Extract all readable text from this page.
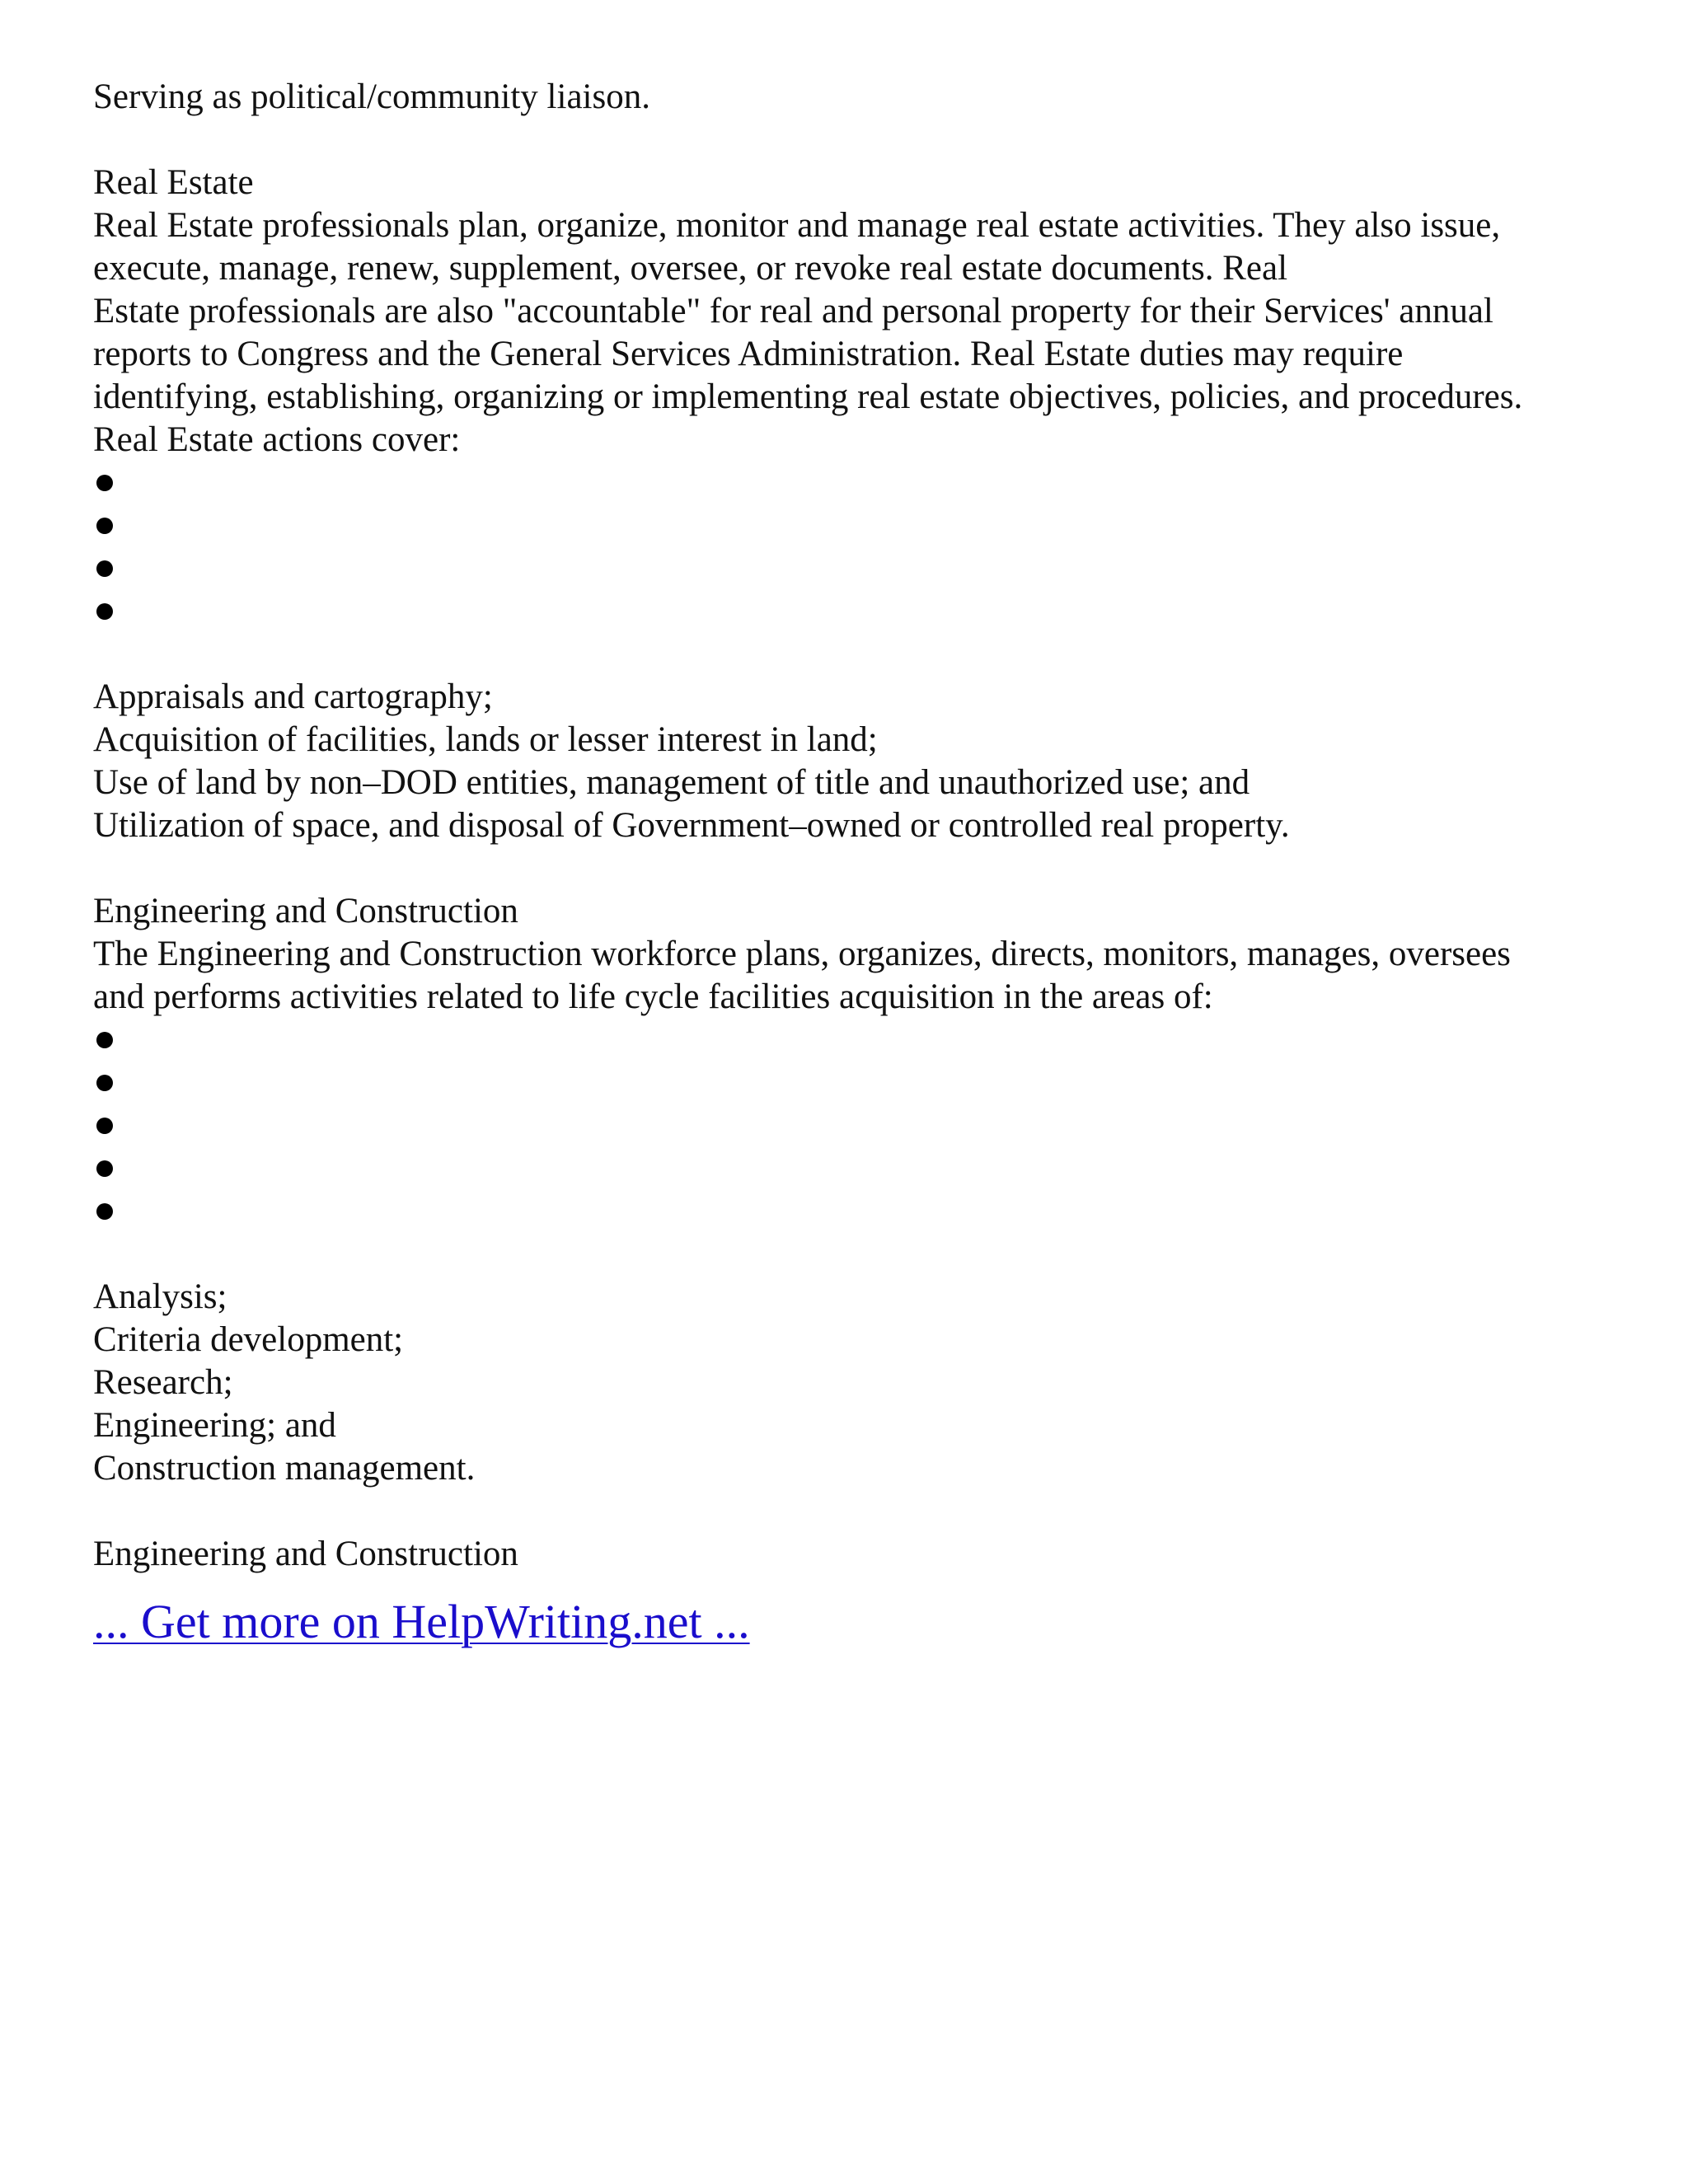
Serving as political/community liaison.
Real Estate
Real Estate professionals plan, organize, monitor and manage real estate activities. They also issue,
execute, manage, renew, supplement, oversee, or revoke real estate documents. Real
Estate professionals are also "accountable" for real and personal property for their Services' annual
reports to Congress and the General Services Administration. Real Estate duties may require
identifying, establishing, organizing or implementing real estate objectives, policies, and procedures.
Real Estate actions cover:
Appraisals and cartography;
Acquisition of facilities, lands or lesser interest in land;
Use of land by non–DOD entities, management of title and unauthorized use; and
Utilization of space, and disposal of Government–owned or controlled real property.
Engineering and Construction
The Engineering and Construction workforce plans, organizes, directs, monitors, manages, oversees
and performs activities related to life cycle facilities acquisition in the areas of:
Analysis;
Criteria development;
Research;
Engineering; and
Construction management.
Engineering and Construction
... Get more on HelpWriting.net ...
